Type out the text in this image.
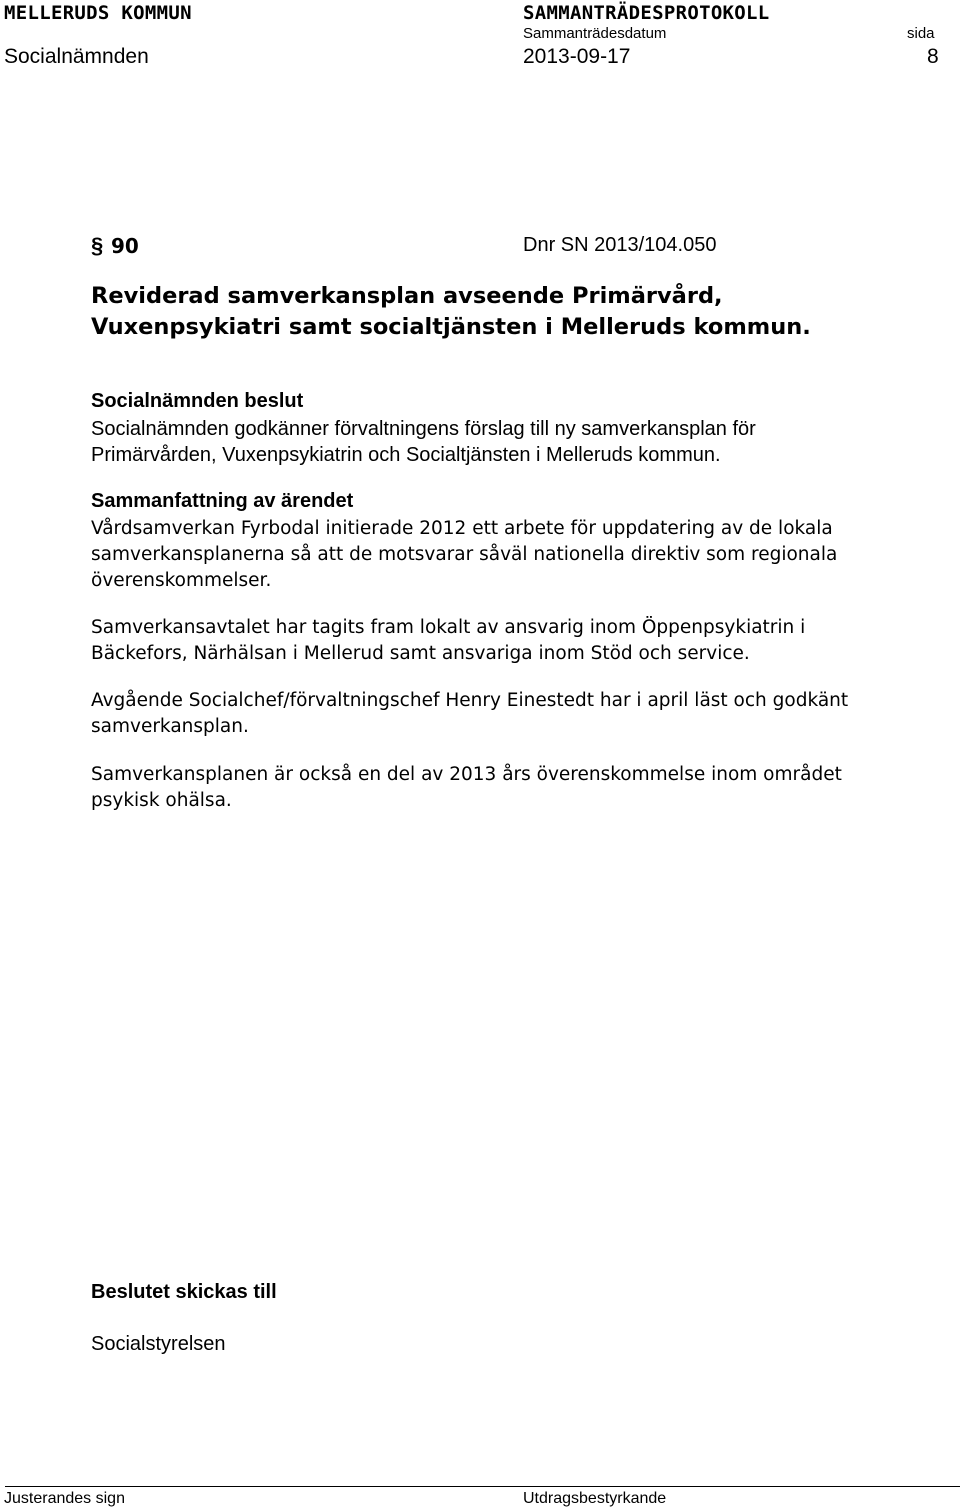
MELLERUDS KOMMUN	SAMMANTRÄDESPROTOKOLL
Sammanträdesdatum	sida
Socialnämnden	2013-09-17	8
§ 90	Dnr SN 2013/104.050
Reviderad samverkansplan avseende Primärvård,
Vuxenpsykiatri samt socialtjänsten i Melleruds kommun.
Socialnämnden beslut
Socialnämnden godkänner förvaltningens förslag till ny samverkansplan för
Primärvården, Vuxenpsykiatrin och Socialtjänsten i Melleruds kommun.
Sammanfattning av ärendet
Vårdsamverkan Fyrbodal initierade 2012 ett arbete för uppdatering av de lokala
samverkansplanerna så att de motsvarar såväl nationella direktiv som regionala
överenskommelser.
Samverkansavtalet har tagits fram lokalt av ansvarig inom Öppenpsykiatrin i
Bäckefors, Närhälsan i Mellerud samt ansvariga inom Stöd och service.
Avgående Socialchef/förvaltningschef Henry Einestedt har i april läst och godkänt
samverkansplan.
Samverkansplanen är också en del av 2013 års överenskommelse inom området
psykisk ohälsa.
Beslutet skickas till
Socialstyrelsen
Justerandes sign	Utdragsbestyrkande
